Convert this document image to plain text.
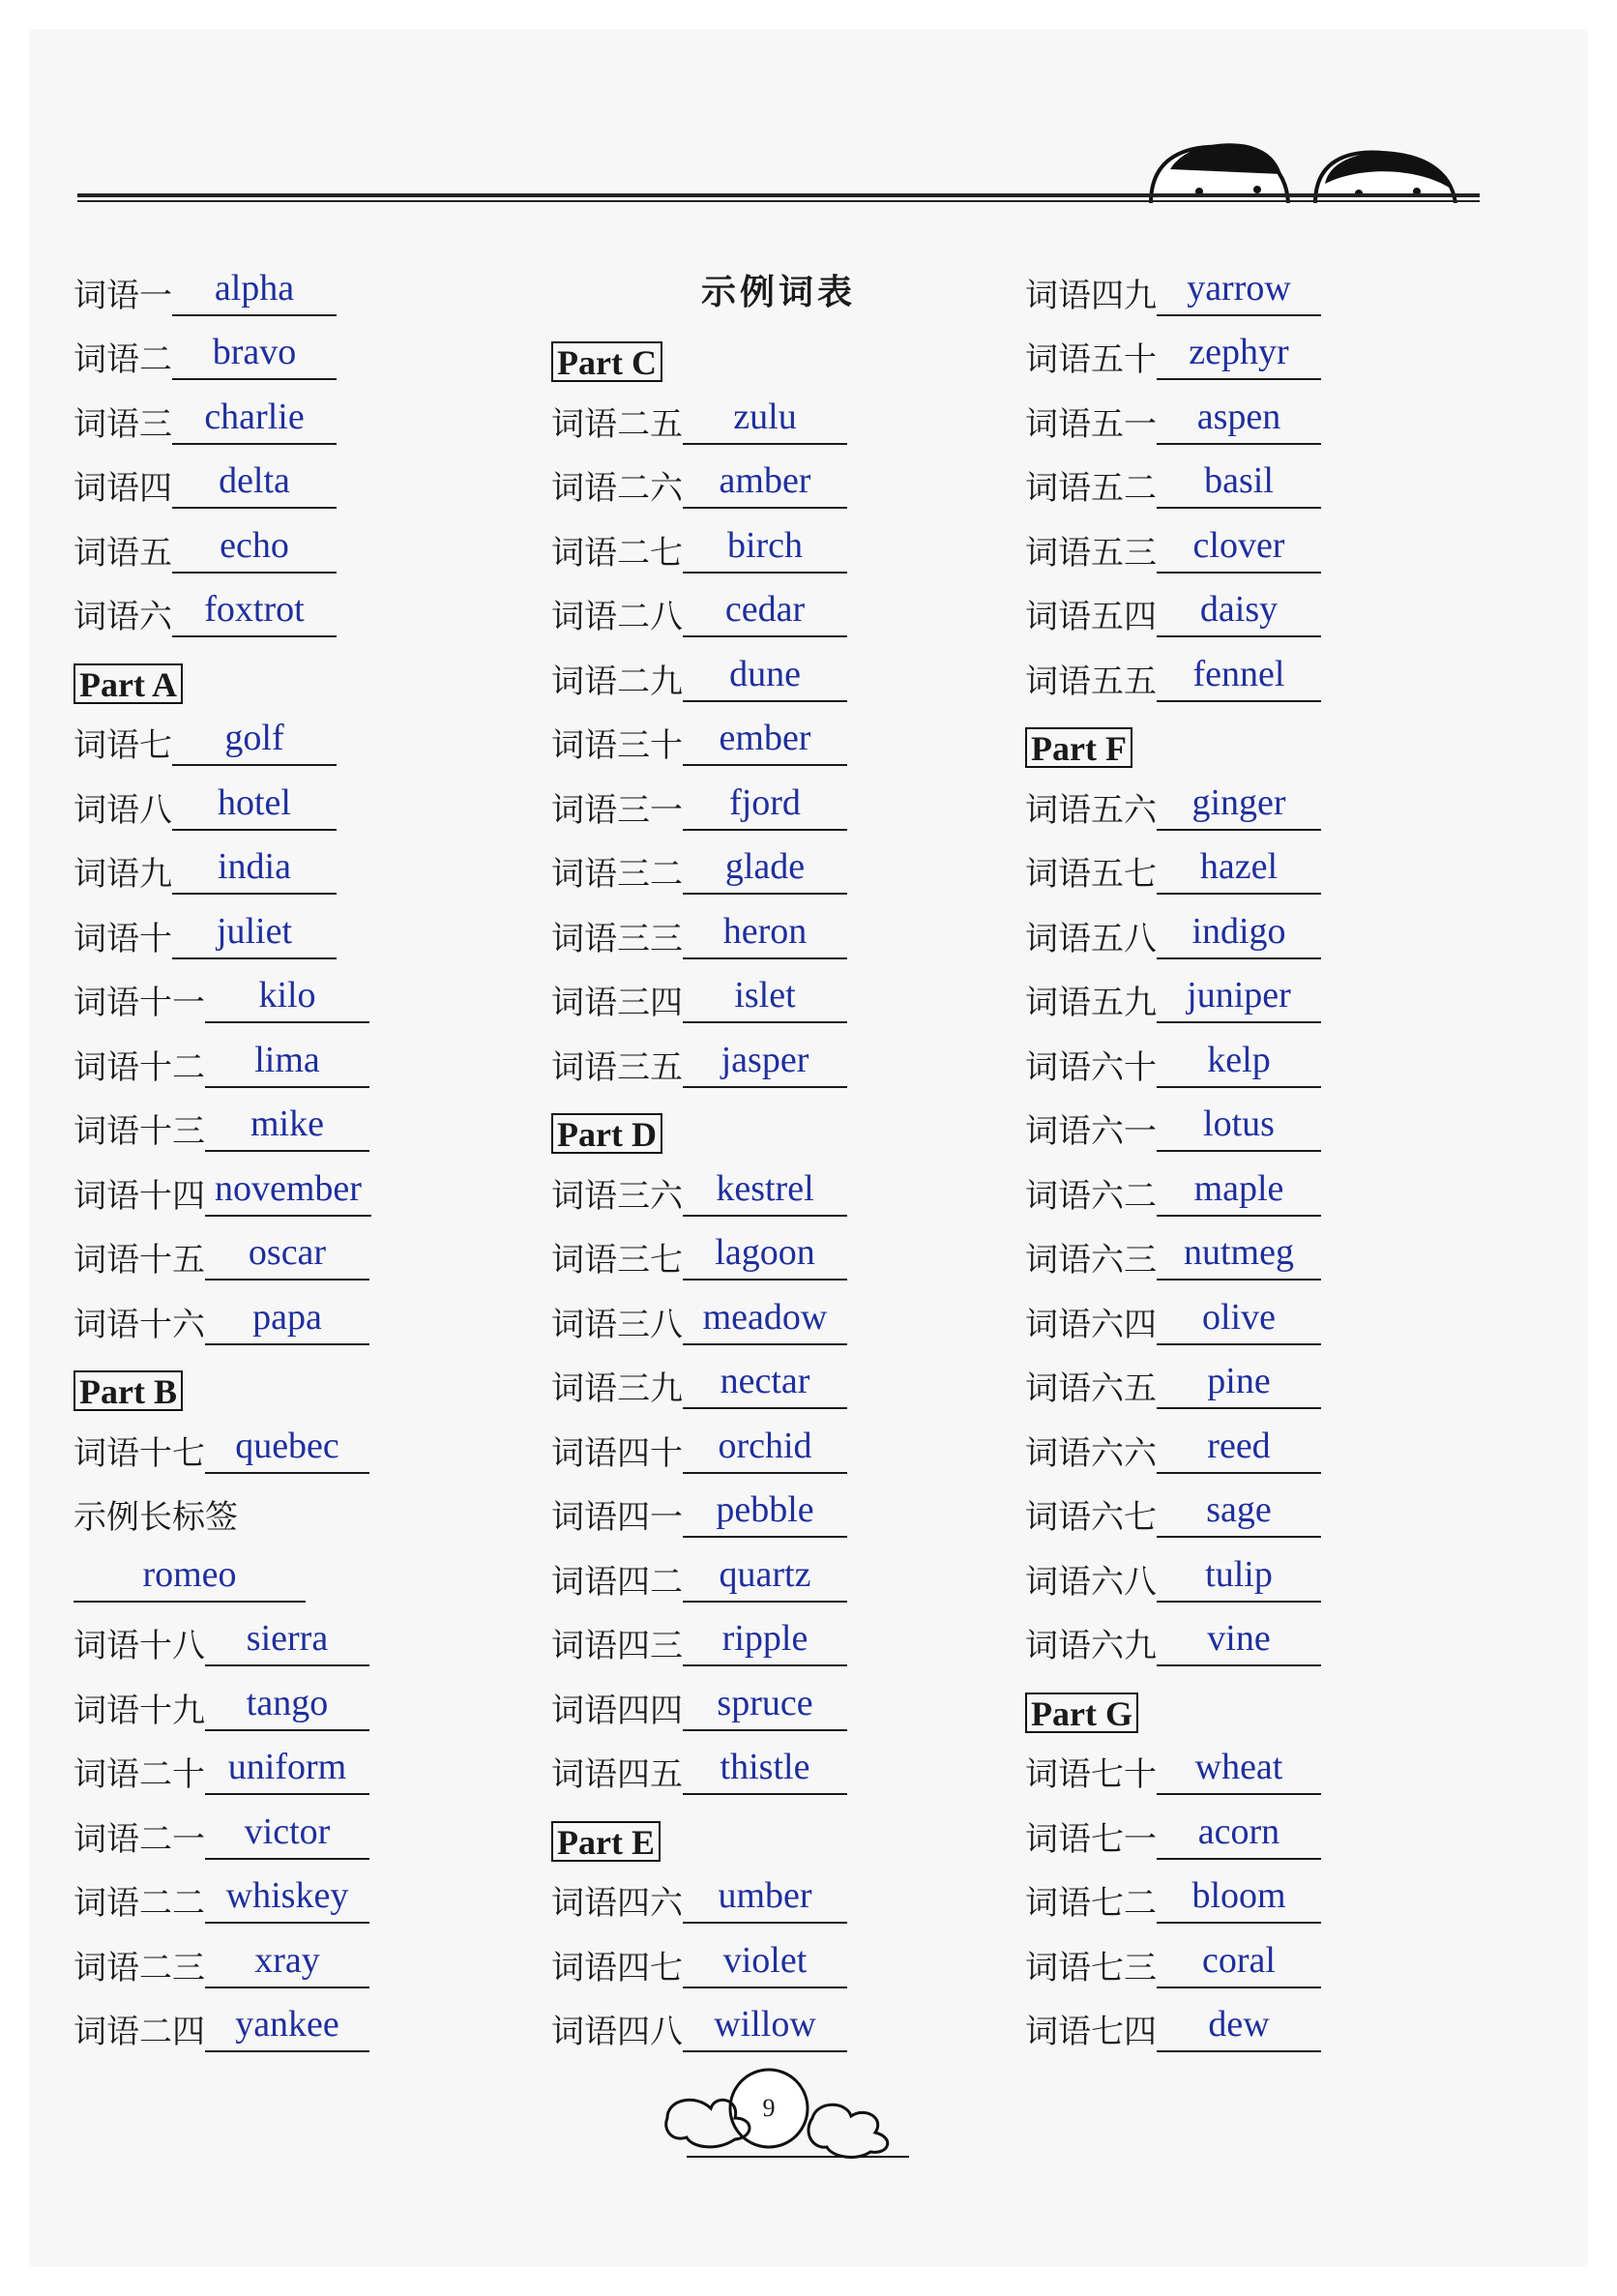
词语一	alpha
词语二	bravo
词语三 charlie
词语四	delta
词语五	echo
词语六 foxtrot
Part A
词语七	golf
词语八	hotel
词语九	india
词语十	juliet
词语十一	kilo
词语十二	lima
词语十三	mike
词语十四 november
词语十五	oscar
词语十六	papa
Part B
词语十七 quebec
示例长标签
romeo
词语十八	sierra
词语十九	tango
词语二十 uniform
词语二一	victor
词语二二 whiskey
词语二三	xray
词语二四 yankee
示例词表
Part C
词语二五	zulu
词语二六 amber
词语二七	birch
词语二八	cedar
词语二九	dune
词语三十 ember
词语三一	fjord
词语三二	glade
词语三三	heron
词语三四	islet
词语三五	jasper
Part D
词语三六 kestrel
词语三七 lagoon
词语三八 meadow
词语三九	nectar
词语四十 orchid
词语四一 pebble
词语四二 quartz
词语四三	ripple
词语四四 spruce
词语四五	thistle
Part E
词语四六 umber
词语四七	violet
词语四八 willow
词语四九 yarrow
词语五十 zephyr
词语五一	aspen
词语五二	basil
词语五三 clover
词语五四	daisy
词语五五 fennel
Part F
词语五六 ginger
词语五七	hazel
词语五八 indigo
词语五九 juniper
词语六十	kelp
词语六一	lotus
词语六二	maple
词语六三 nutmeg
词语六四	olive
词语六五	pine
词语六六	reed
词语六七	sage
词语六八	tulip
词语六九	vine
Part G
词语七十	wheat
词语七一	acorn
词语七二 bloom
词语七三	coral
词语七四	dew
9
